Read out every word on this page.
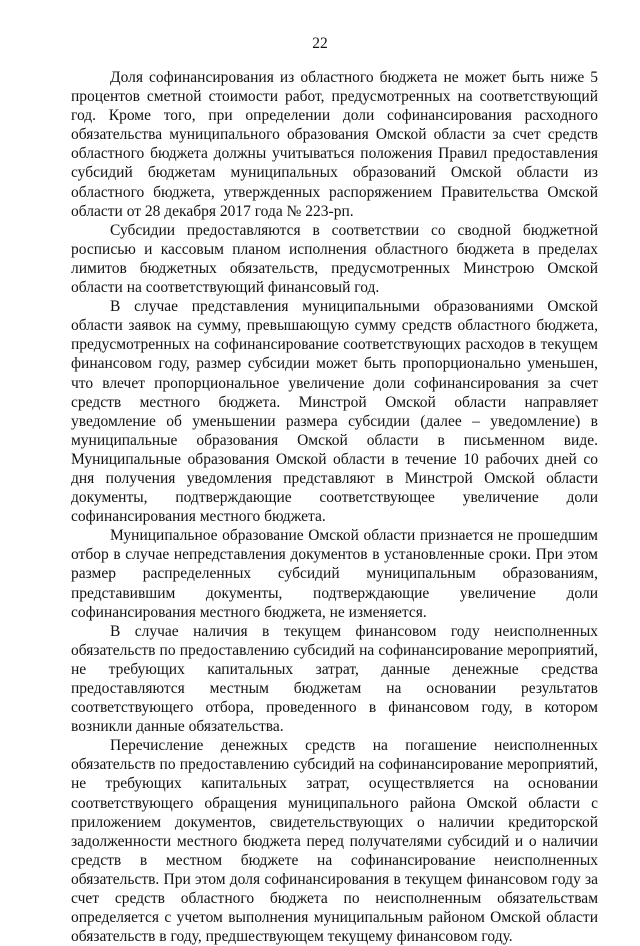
22

Доля софинансирования из областного бюджета не может быть ниже 5 процентов сметной стоимости работ, предусмотренных на соответствующий год. Кроме того, при определении доли софинансирования расходного обязательства муниципального образования Омской области за счет средств областного бюджета должны учитываться положения Правил предоставления субсидий бюджетам муниципальных образований Омской области из областного бюджета, утвержденных распоряжением Правительства Омской области от 28 декабря 2017 года № 223-рп.

Субсидии предоставляются в соответствии со сводной бюджетной росписью и кассовым планом исполнения областного бюджета в пределах лимитов бюджетных обязательств, предусмотренных Минстрою Омской области на соответствующий финансовый год.

В случае представления муниципальными образованиями Омской области заявок на сумму, превышающую сумму средств областного бюджета, предусмотренных на софинансирование соответствующих расходов в текущем финансовом году, размер субсидии может быть пропорционально уменьшен, что влечет пропорциональное увеличение доли софинансирования за счет средств местного бюджета. Минстрой Омской области направляет уведомление об уменьшении размера субсидии (далее – уведомление) в муниципальные образования Омской области в письменном виде. Муниципальные образования Омской области в течение 10 рабочих дней со дня получения уведомления представляют в Минстрой Омской области документы, подтверждающие соответствующее увеличение доли софинансирования местного бюджета.

Муниципальное образование Омской области признается не прошедшим отбор в случае непредставления документов в установленные сроки. При этом размер распределенных субсидий муниципальным образованиям, представившим документы, подтверждающие увеличение доли софинансирования местного бюджета, не изменяется.

В случае наличия в текущем финансовом году неисполненных обязательств по предоставлению субсидий на софинансирование мероприятий, не требующих капитальных затрат, данные денежные средства предоставляются местным бюджетам на основании результатов соответствующего отбора, проведенного в финансовом году, в котором возникли данные обязательства.

Перечисление денежных средств на погашение неисполненных обязательств по предоставлению субсидий на софинансирование мероприятий, не требующих капитальных затрат, осуществляется на основании соответствующего обращения муниципального района Омской области с приложением документов, свидетельствующих о наличии кредиторской задолженности местного бюджета перед получателями субсидий и о наличии средств в местном бюджете на софинансирование неисполненных обязательств. При этом доля софинансирования в текущем финансовом году за счет средств областного бюджета по неисполненным обязательствам определяется с учетом выполнения муниципальным районом Омской области обязательств в году, предшествующем текущему финансовом году.
